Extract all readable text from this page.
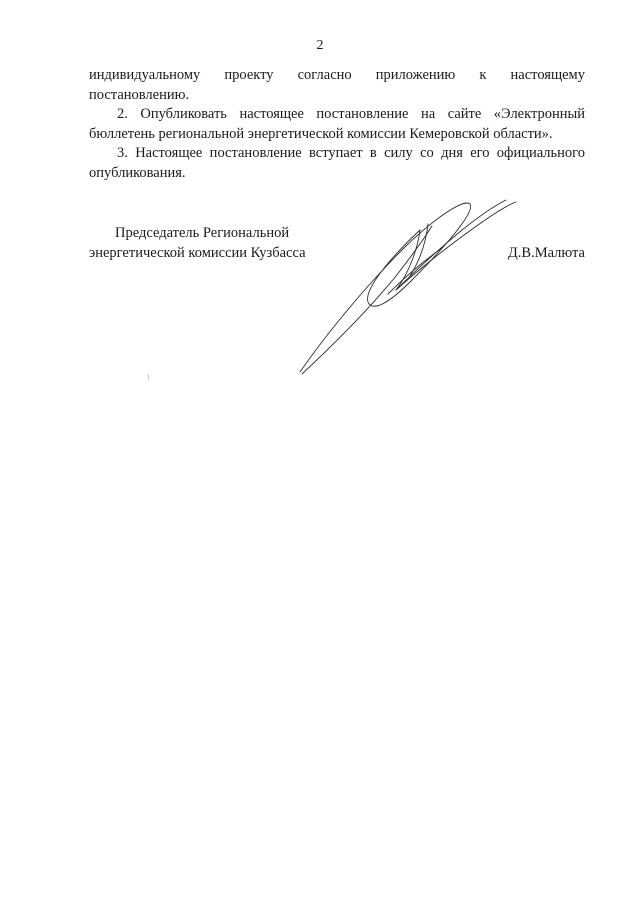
2

индивидуальному проекту согласно приложению к настоящему постановлению.

2. Опубликовать настоящее постановление на сайте «Электронный бюллетень региональной энергетической комиссии Кемеровской области».

3. Настоящее постановление вступает в силу со дня его официального опубликования.

Председатель Региональной
энергетической комиссии Кузбасса	Д.В.Малюта
